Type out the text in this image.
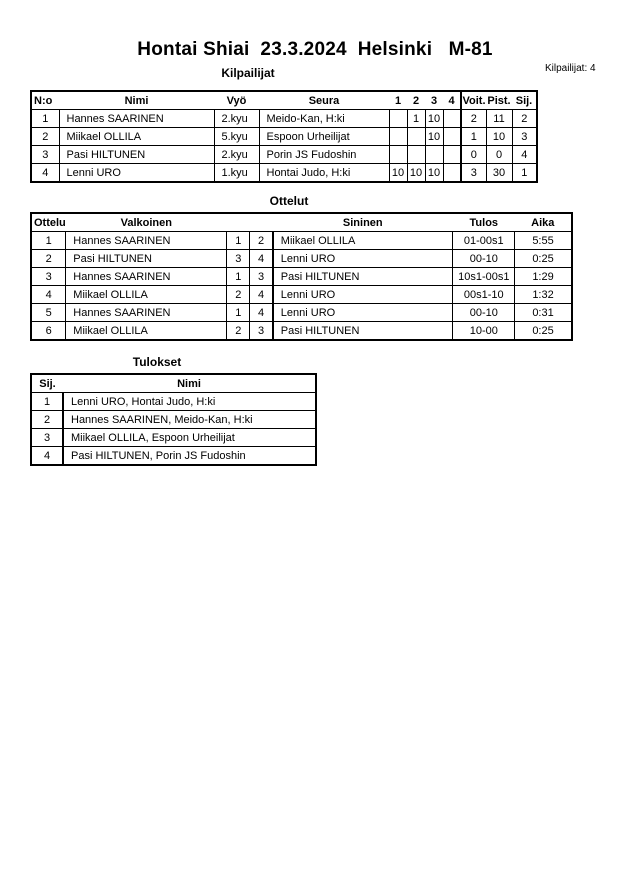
Hontai Shiai  23.3.2024  Helsinki   M-81
Kilpailijat	Kilpailijat: 4
N:o	Nimi	Vyö	Seura	1	2	3	4	Voit.	Pist.	Sij.
1	Hannes SAARINEN	2.kyu	Meido-Kan, H:ki		1	10		2	11	2
2	Miikael OLLILA	5.kyu	Espoon Urheilijat			10		1	10	3
3	Pasi HILTUNEN	2.kyu	Porin JS Fudoshin					0	0	4
4	Lenni URO	1.kyu	Hontai Judo, H:ki	10	10	10		3	30	1
Ottelut
Ottelu	Valkoinen			Sininen	Tulos	Aika
1	Hannes SAARINEN	1	2	Miikael OLLILA	01-00s1	5:55
2	Pasi HILTUNEN	3	4	Lenni URO	00-10	0:25
3	Hannes SAARINEN	1	3	Pasi HILTUNEN	10s1-00s1	1:29
4	Miikael OLLILA	2	4	Lenni URO	00s1-10	1:32
5	Hannes SAARINEN	1	4	Lenni URO	00-10	0:31
6	Miikael OLLILA	2	3	Pasi HILTUNEN	10-00	0:25
Tulokset
Sij.	Nimi
1	Lenni URO, Hontai Judo, H:ki
2	Hannes SAARINEN, Meido-Kan, H:ki
3	Miikael OLLILA, Espoon Urheilijat
4	Pasi HILTUNEN, Porin JS Fudoshin
